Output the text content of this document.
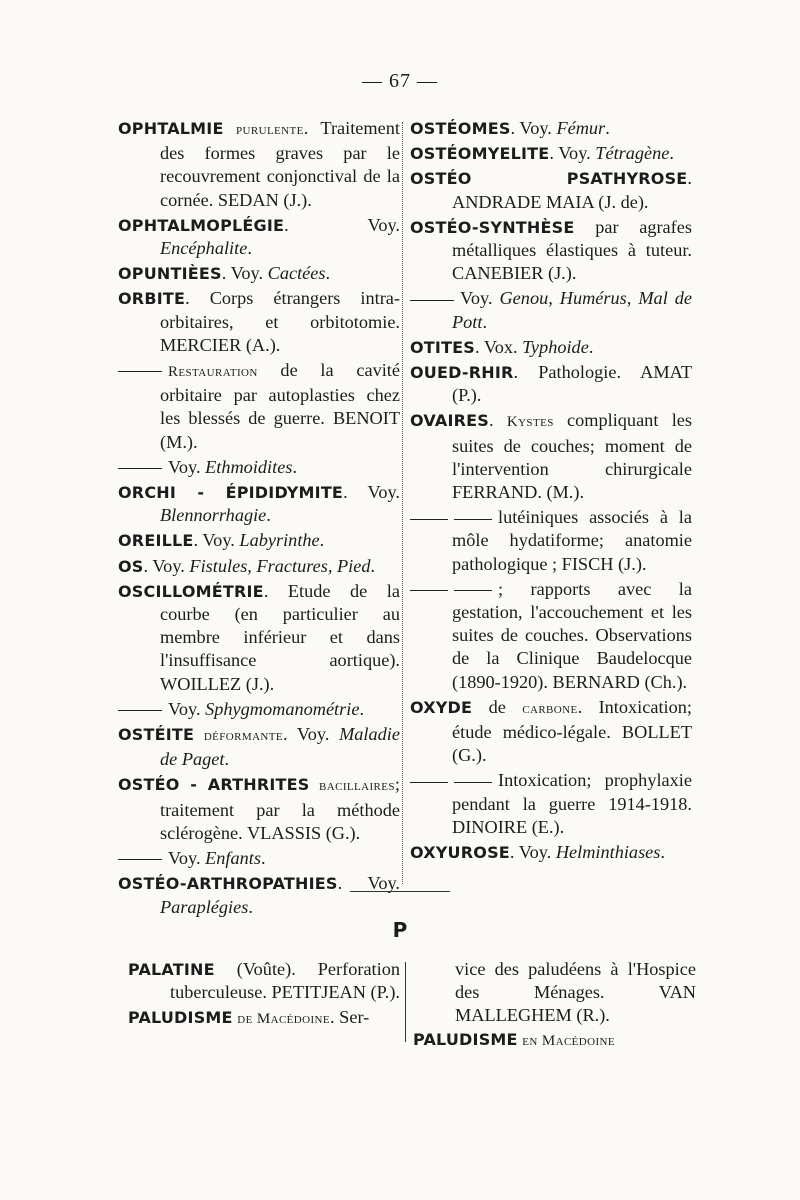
— 67 —
OPHTALMIE purulente. Traitement des formes graves par le recouvrement conjonctival de la cornée. SEDAN (J.).
OPHTALMOPLÉGIE. Voy. Encéphalite.
OPUNTIÈES. Voy. Cactées.
ORBITE. Corps étrangers intra-orbitaires, et orbitotomie. MERCIER (A.).
Restauration de la cavité orbitaire par autoplasties chez les blessés de guerre. BENOIT (M.).
Voy. Ethmoidites.
ORCHI - ÉPIDIDYMITE. Voy. Blennorrhagie.
OREILLE. Voy. Labyrinthe.
OS. Voy. Fistules, Fractures, Pied.
OSCILLOMÉTRIE. Etude de la courbe (en particulier au membre inférieur et dans l'insuffisance aortique). WOILLEZ (J.).
Voy. Sphygmomanométrie.
OSTÉITE déformante. Voy. Maladie de Paget.
OSTÉO - ARTHRITES bacillaires; traitement par la méthode sclérogène. VLASSIS (G.).
Voy. Enfants.
OSTÉO-ARTHROPATHIES. Voy. Paraplégies.
OSTÉOMES. Voy. Fémur.
OSTÉOMYELITE. Voy. Tétragène.
OSTÉO PSATHYROSE. ANDRADE MAIA (J. de).
OSTÉO-SYNTHÈSE par agrafes métalliques élastiques à tuteur. CANEBIER (J.).
Voy. Genou, Humérus, Mal de Pott.
OTITES. Vox. Typhoide.
OUED-RHIR. Pathologie. AMAT (P.).
OVAIRES. Kystes compliquant les suites de couches; moment de l'intervention chirurgicale FERRAND. (M.).
lutéiniques associés à la môle hydatiforme; anatomie pathologique ; FISCH (J.).
; rapports avec la gestation, l'accouchement et les suites de couches. Observations de la Clinique Baudelocque (1890-1920). BERNARD (Ch.).
OXYDE de carbone. Intoxication; étude médico-légale. BOLLET (G.).
Intoxication; prophylaxie pendant la guerre 1914-1918. DINOIRE (E.).
OXYUROSE. Voy. Helminthiases.
P
PALATINE (Voûte). Perforation tuberculeuse. PETITJEAN (P.).
PALUDISME de Macédoine. Ser-
vice des paludéens à l'Hospice des Ménages. VAN MALLEGHEM (R.).
PALUDISME en Macédoine
